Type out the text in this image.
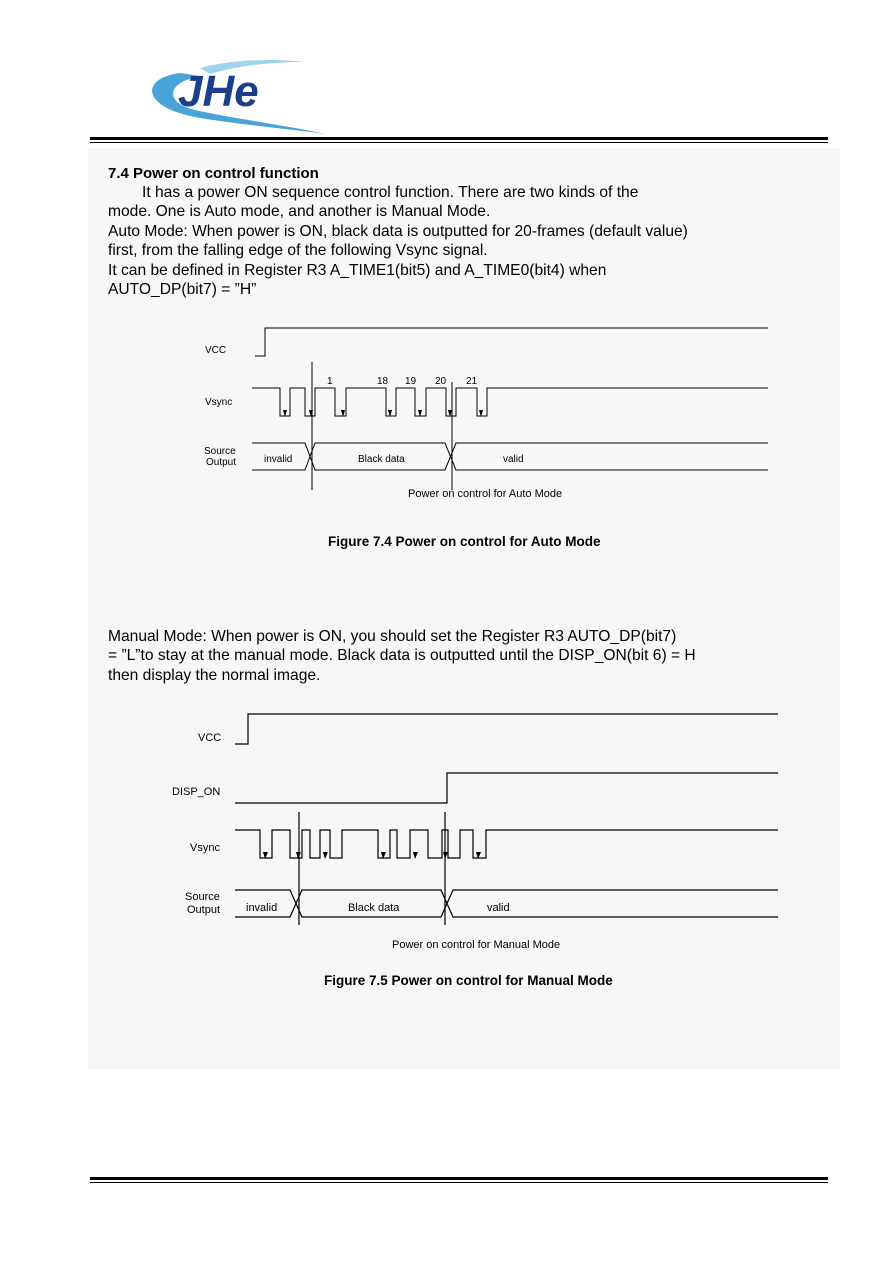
JHe
7.4 Power on control function
It has a power ON sequence control function. There are two kinds of the
mode. One is Auto mode, and another is Manual Mode.
Auto Mode: When power is ON, black data is outputted for 20-frames (default value)
first, from the falling edge of the following Vsync signal.
It can be defined in Register R3 A_TIME1(bit5) and A_TIME0(bit4) when
AUTO_DP(bit7) = ”H”
VCC
Vsync
Source
Output
1	18 19 20 21
invalid	Black data	valid
Power on control for Auto Mode
Figure 7.4 Power on control for Auto Mode
Manual Mode: When power is ON, you should set the Register R3 AUTO_DP(bit7)
= ”L”to stay at the manual mode. Black data is outputted until the DISP_ON(bit 6) = H
then display the normal image.
VCC
DISP_ON
Vsync
Source
Output invalid	Black data	valid
Power on control for Manual Mode
Figure 7.5 Power on control for Manual Mode
